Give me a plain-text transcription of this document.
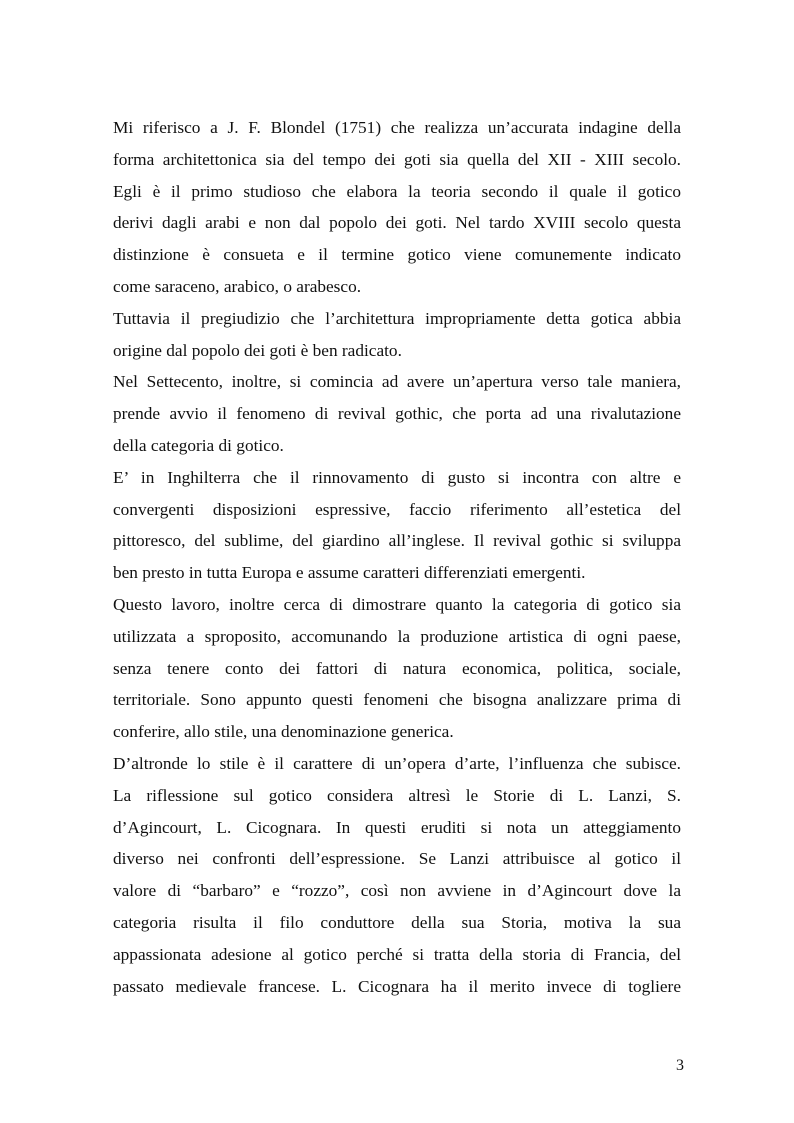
Mi riferisco a J. F. Blondel (1751) che realizza un’accurata indagine della
forma architettonica sia del tempo dei goti sia quella del XII - XIII secolo.
Egli è il primo studioso che elabora la teoria secondo il quale il gotico
derivi dagli arabi e non dal popolo dei goti. Nel tardo XVIII secolo questa
distinzione è consueta e il termine gotico viene comunemente indicato
come saraceno, arabico, o arabesco.

Tuttavia il pregiudizio che l’architettura impropriamente detta gotica abbia
origine dal popolo dei goti è ben radicato.

Nel Settecento, inoltre, si comincia ad avere un’apertura verso tale maniera,
prende avvio il fenomeno di revival gothic, che porta ad una rivalutazione
della categoria di gotico.

E’ in Inghilterra che il rinnovamento di gusto si incontra con altre e
convergenti disposizioni espressive, faccio riferimento all’estetica del
pittoresco, del sublime, del giardino all’inglese. Il revival gothic si sviluppa
ben presto in tutta Europa e assume caratteri differenziati emergenti.

Questo lavoro, inoltre cerca di dimostrare quanto la categoria di gotico sia
utilizzata a sproposito, accomunando la produzione artistica di ogni paese,
senza tenere conto dei fattori di natura economica, politica, sociale,
territoriale. Sono appunto questi fenomeni che bisogna analizzare prima di
conferire, allo stile, una denominazione generica.

D’altronde lo stile è il carattere di un’opera d’arte, l’influenza che subisce.
La riflessione sul gotico considera altresì le Storie di L. Lanzi, S.
d’Agincourt, L. Cicognara. In questi eruditi si nota un atteggiamento
diverso nei confronti dell’espressione. Se Lanzi attribuisce al gotico il
valore di “barbaro” e “rozzo”, così non avviene in d’Agincourt dove la
categoria risulta il filo conduttore della sua Storia, motiva la sua
appassionata adesione al gotico perché si tratta della storia di Francia, del
passato medievale francese. L. Cicognara ha il merito invece di togliere

3
